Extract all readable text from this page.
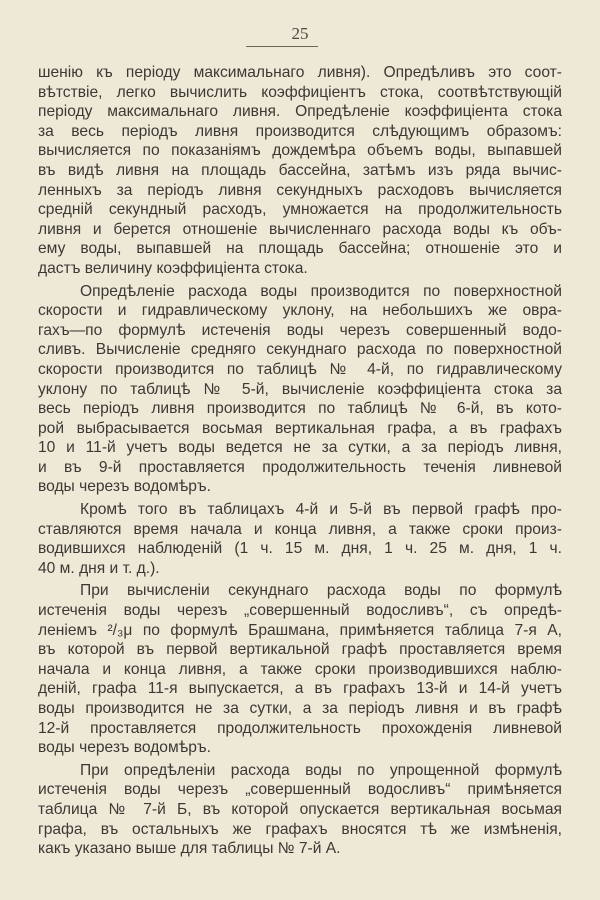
25
шенію къ періоду максимальнаго ливня). Опредѣливъ это соот-
вѣтствіе, легко вычислить коэффиціентъ стока, соотвѣтствующій
періоду максимальнаго ливня. Опредѣленіе коэффиціента стока
за весь періодъ ливня производится слѣдующимъ образомъ:
вычисляется по показаніямъ дождемѣра объемъ воды, выпавшей
въ видѣ ливня на площадь бассейна, затѣмъ изъ ряда вычис-
ленныхъ за періодъ ливня секундныхъ расходовъ вычисляется
средній секундный расходъ, умножается на продолжительность
ливня и берется отношеніе вычисленнаго расхода воды къ объ-
ему воды, выпавшей на площадь бассейна; отношеніе это и
дастъ величину коэффиціента стока.
Опредѣленіе расхода воды производится по поверхностной
скорости и гидравлическому уклону, на небольшихъ же овра-
гахъ—по формулѣ истеченія воды черезъ совершенный водо-
сливъ. Вычисленіе средняго секунднаго расхода по поверхностной
скорости производится по таблицѣ № 4-й, по гидравлическому
уклону по таблицѣ № 5-й, вычисленіе коэффиціента стока за
весь періодъ ливня производится по таблицѣ № 6-й, въ кото-
рой выбрасывается восьмая вертикальная графа, а въ графахъ
10 и 11-й учетъ воды ведется не за сутки, а за періодъ ливня,
и въ 9-й проставляется продолжительность теченія ливневой
воды черезъ водомѣръ.
Кромѣ того въ таблицахъ 4-й и 5-й въ первой графѣ про-
ставляются время начала и конца ливня, а также сроки произ-
водившихся наблюденій (1 ч. 15 м. дня, 1 ч. 25 м. дня, 1 ч.
40 м. дня и т. д.).
При вычисленіи секунднаго расхода воды по формулѣ
истеченія воды черезъ „совершенный водосливъ“, съ опредѣ-
леніемъ ²/₃μ по формулѣ Брашмана, примѣняется таблица 7-я А,
въ которой въ первой вертикальной графѣ проставляется время
начала и конца ливня, а также сроки производившихся наблю-
деній, графа 11-я выпускается, а въ графахъ 13-й и 14-й учетъ
воды производится не за сутки, а за періодъ ливня и въ графѣ
12-й проставляется продолжительность прохожденія ливневой
воды черезъ водомѣръ.
При опредѣленіи расхода воды по упрощенной формулѣ
истеченія воды черезъ „совершенный водосливъ“ примѣняется
таблица № 7-й Б, въ которой опускается вертикальная восьмая
графа, въ остальныхъ же графахъ вносятся тѣ же измѣненія,
какъ указано выше для таблицы № 7-й А.
